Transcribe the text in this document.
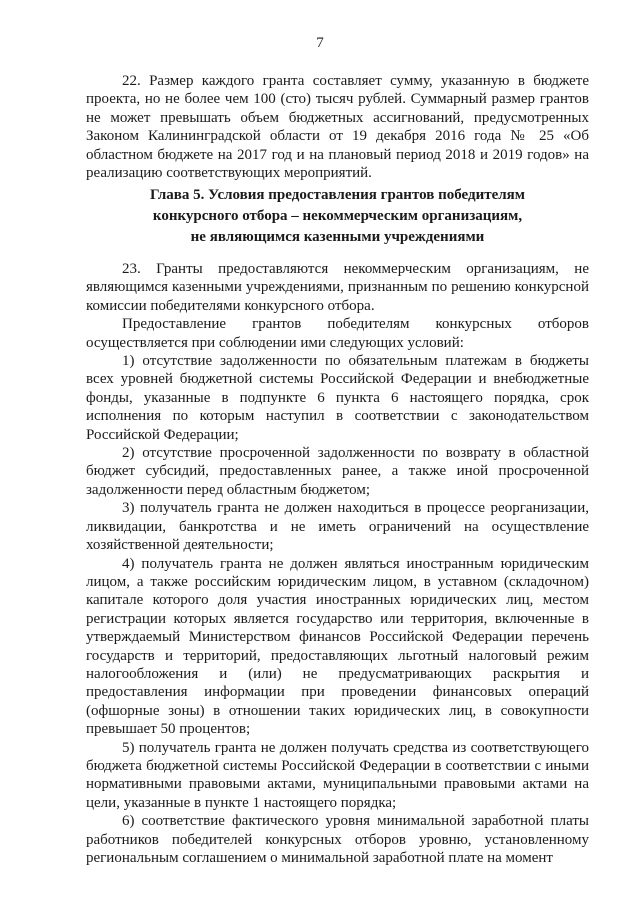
7

22. Размер каждого гранта составляет сумму, указанную в бюджете проекта, но не более чем 100 (сто) тысяч рублей. Суммарный размер грантов не может превышать объем бюджетных ассигнований, предусмотренных Законом Калининградской области от 19 декабря 2016 года № 25 «Об областном бюджете на 2017 год и на плановый период 2018 и 2019 годов» на реализацию соответствующих мероприятий.

Глава 5. Условия предоставления грантов победителям
конкурсного отбора – некоммерческим организациям,
не являющимся казенными учреждениями

23. Гранты предоставляются некоммерческим организациям, не являющимся казенными учреждениями, признанным по решению конкурсной комиссии победителями конкурсного отбора.

Предоставление грантов победителям конкурсных отборов осуществляется при соблюдении ими следующих условий:

1) отсутствие задолженности по обязательным платежам в бюджеты всех уровней бюджетной системы Российской Федерации и внебюджетные фонды, указанные в подпункте 6 пункта 6 настоящего порядка, срок исполнения по которым наступил в соответствии с законодательством Российской Федерации;

2) отсутствие просроченной задолженности по возврату в областной бюджет субсидий, предоставленных ранее, а также иной просроченной задолженности перед областным бюджетом;

3) получатель гранта не должен находиться в процессе реорганизации, ликвидации, банкротства и не иметь ограничений на осуществление хозяйственной деятельности;

4) получатель гранта не должен являться иностранным юридическим лицом, а также российским юридическим лицом, в уставном (складочном) капитале которого доля участия иностранных юридических лиц, местом регистрации которых является государство или территория, включенные в утверждаемый Министерством финансов Российской Федерации перечень государств и территорий, предоставляющих льготный налоговый режим налогообложения и (или) не предусматривающих раскрытия и предоставления информации при проведении финансовых операций (офшорные зоны) в отношении таких юридических лиц, в совокупности превышает 50 процентов;

5) получатель гранта не должен получать средства из соответствующего бюджета бюджетной системы Российской Федерации в соответствии с иными нормативными правовыми актами, муниципальными правовыми актами на цели, указанные в пункте 1 настоящего порядка;

6) соответствие фактического уровня минимальной заработной платы работников победителей конкурсных отборов уровню, установленному региональным соглашением о минимальной заработной плате на момент
